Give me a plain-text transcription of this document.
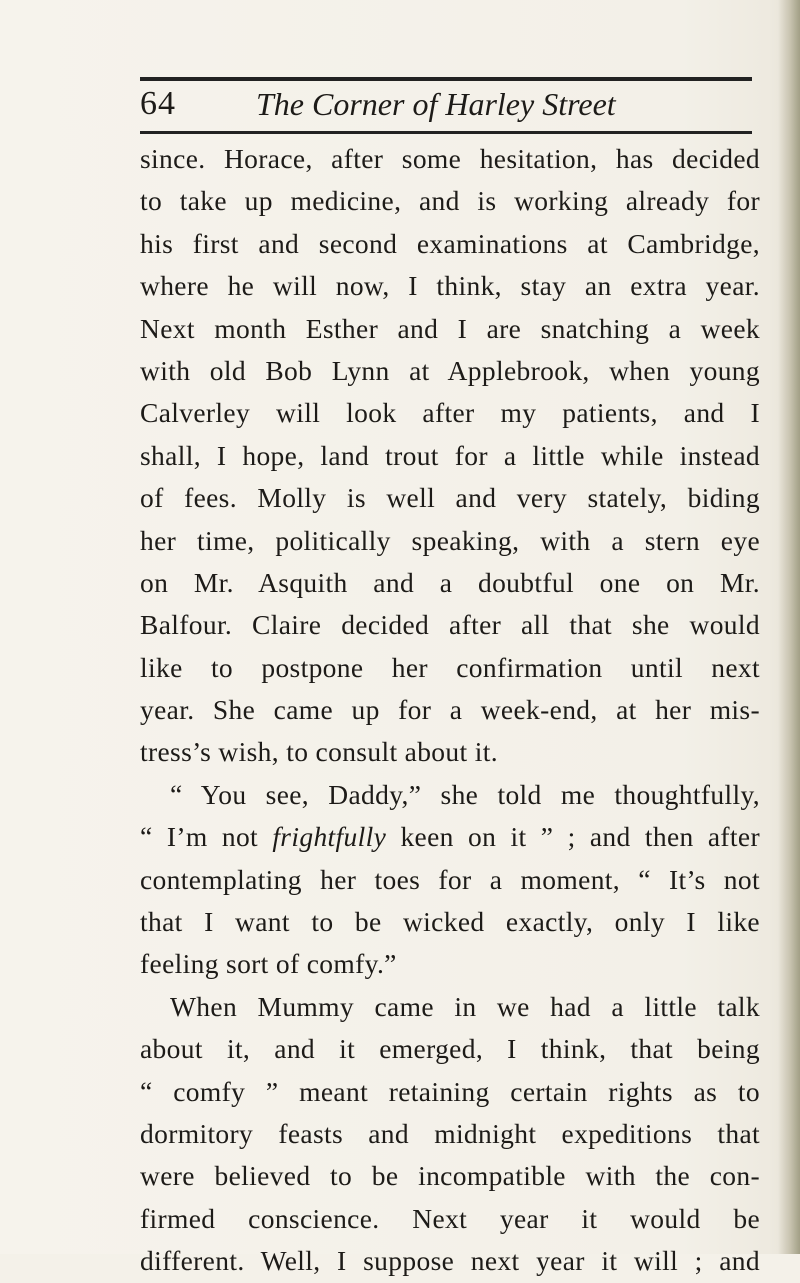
64	The Corner of Harley Street
since. Horace, after some hesitation, has decided
to take up medicine, and is working already for
his first and second examinations at Cambridge,
where he will now, I think, stay an extra year.
Next month Esther and I are snatching a week
with old Bob Lynn at Applebrook, when young
Calverley will look after my patients, and I
shall, I hope, land trout for a little while instead
of fees. Molly is well and very stately, biding
her time, politically speaking, with a stern eye
on Mr. Asquith and a doubtful one on Mr.
Balfour. Claire decided after all that she would
like to postpone her confirmation until next
year. She came up for a week-end, at her mis-
tress’s wish, to consult about it.
“ You see, Daddy,” she told me thoughtfully,
“ I’m not frightfully keen on it ” ; and then after
contemplating her toes for a moment, “ It’s not
that I want to be wicked exactly, only I like
feeling sort of comfy.”
When Mummy came in we had a little talk
about it, and it emerged, I think, that being
“ comfy ” meant retaining certain rights as to
dormitory feasts and midnight expeditions that
were believed to be incompatible with the con-
firmed conscience. Next year it would be
different. Well, I suppose next year it will ; and
